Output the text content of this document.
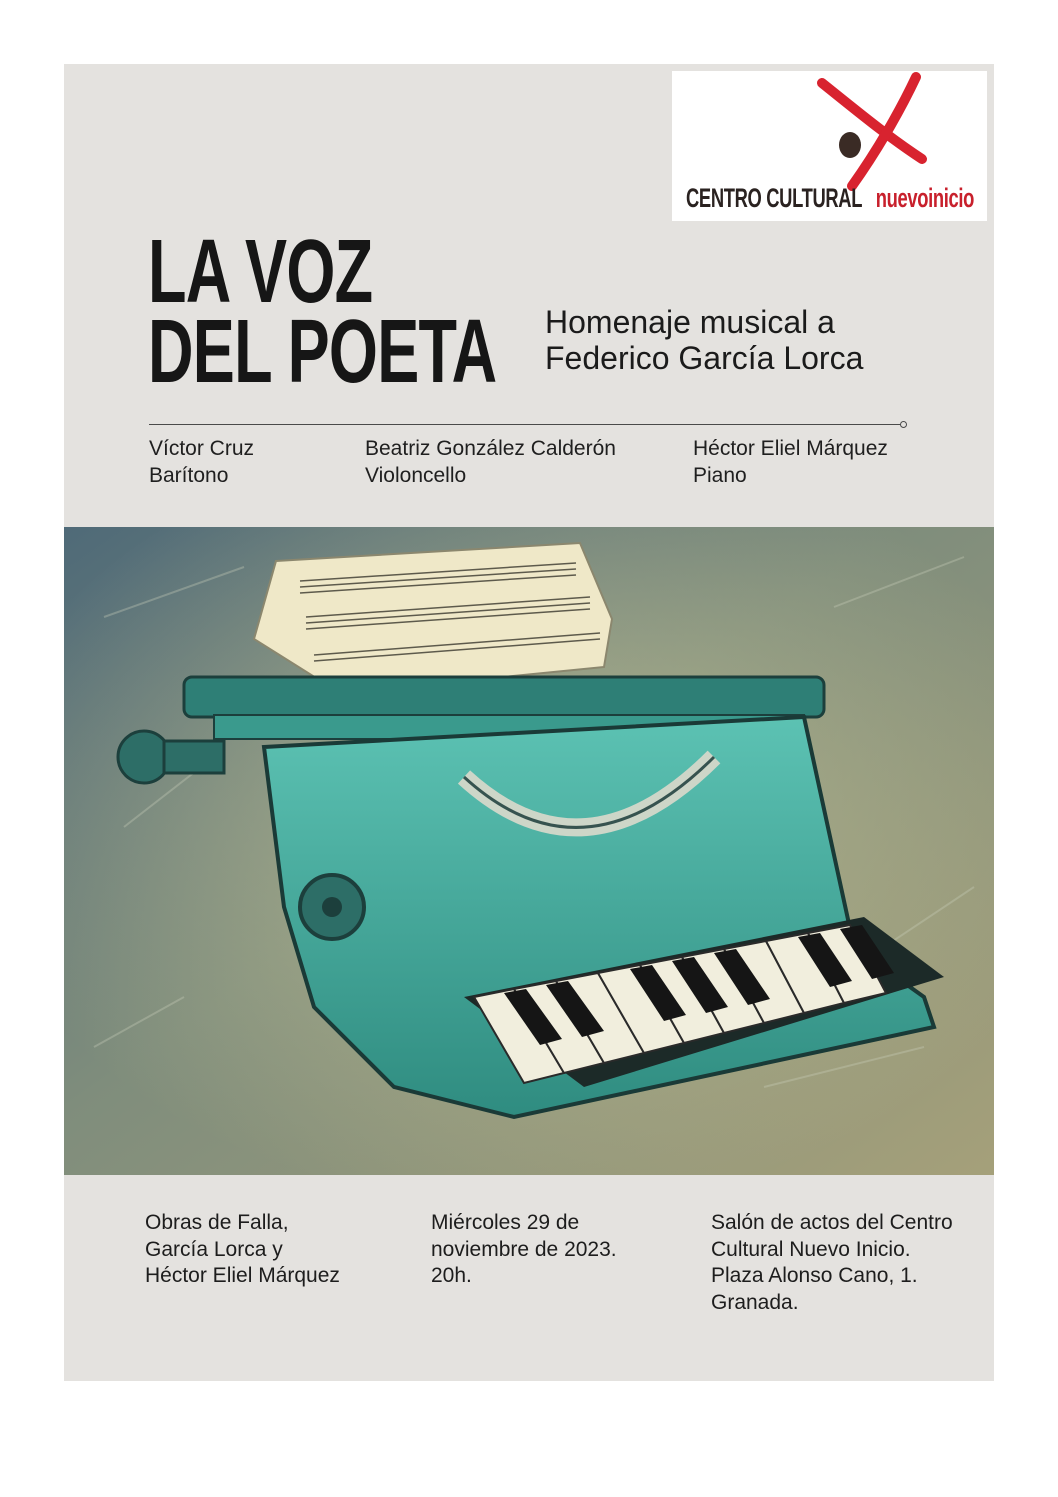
CENTRO CULTURAL nuevoinicio
LA VOZ
DEL POETA Homenaje musical a
Federico García Lorca
Víctor Cruz
Barítono
Beatriz González Calderón
Violoncello
Héctor Eliel Márquez
Piano
Obras de Falla,
García Lorca y
Héctor Eliel Márquez
Miércoles 29 de
noviembre de 2023.
20h.
Salón de actos del Centro
Cultural Nuevo Inicio.
Plaza Alonso Cano, 1.
Granada.
